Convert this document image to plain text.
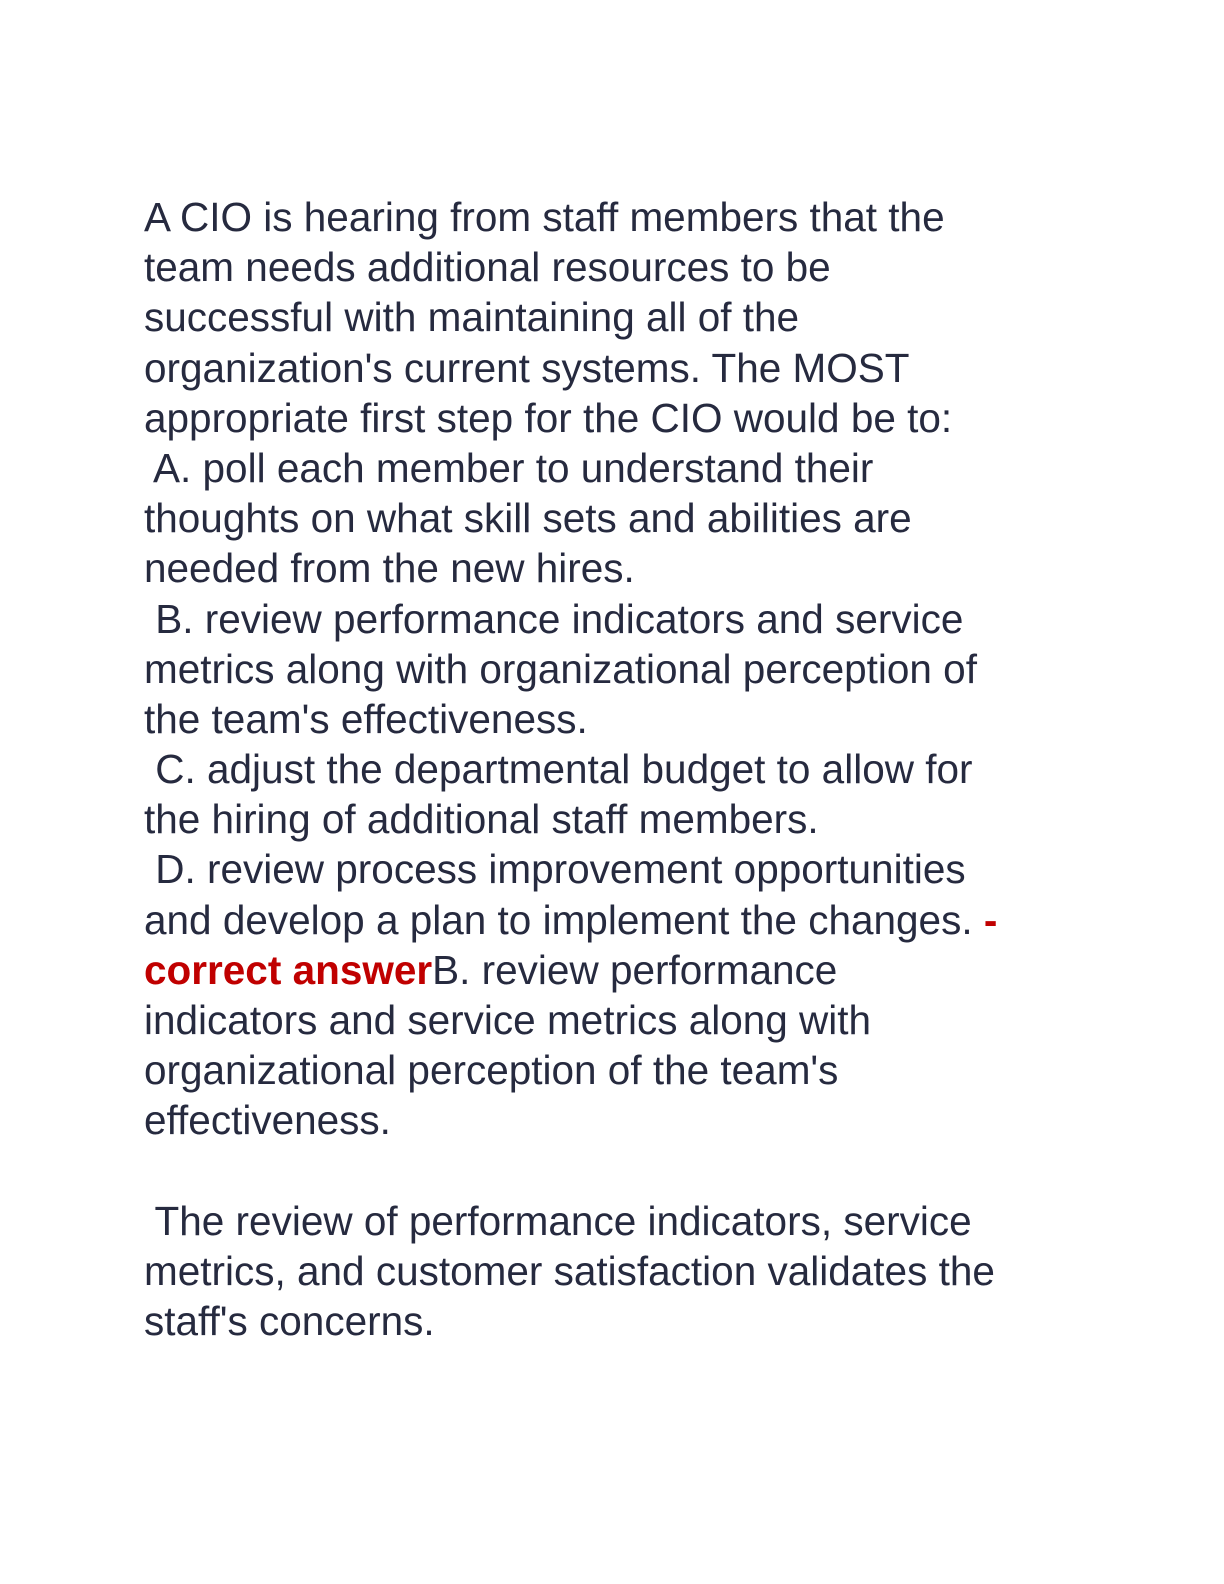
A CIO is hearing from staff members that the
team needs additional resources to be
successful with maintaining all of the
organization's current systems. The MOST
appropriate first step for the CIO would be to:
A. poll each member to understand their
thoughts on what skill sets and abilities are
needed from the new hires.
B. review performance indicators and service
metrics along with organizational perception of
the team's effectiveness.
C. adjust the departmental budget to allow for
the hiring of additional staff members.
D. review process improvement opportunities
and develop a plan to implement the changes. -
correct answerB. review performance
indicators and service metrics along with
organizational perception of the team's
effectiveness.
The review of performance indicators, service
metrics, and customer satisfaction validates the
staff's concerns.
